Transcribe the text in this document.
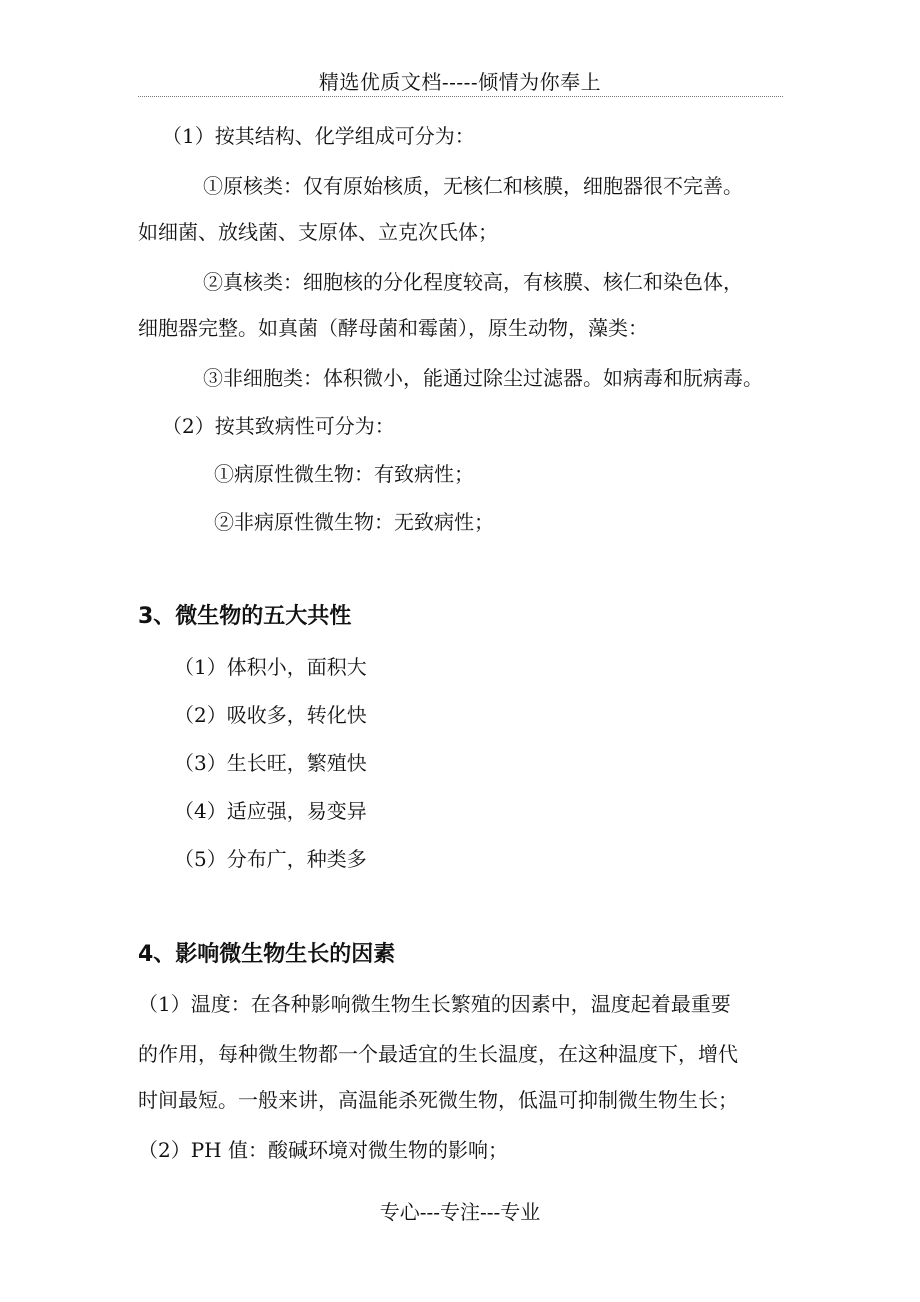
精选优质文档-----倾情为你奉上
（1）按其结构、化学组成可分为：
①原核类：仅有原始核质，无核仁和核膜，细胞器很不完善。
如细菌、放线菌、支原体、立克次氏体；
②真核类：细胞核的分化程度较高，有核膜、核仁和染色体，
细胞器完整。如真菌（酵母菌和霉菌），原生动物，藻类：
③非细胞类：体积微小，能通过除尘过滤器。如病毒和朊病毒。
（2）按其致病性可分为：
①病原性微生物：有致病性；
②非病原性微生物：无致病性；
3、微生物的五大共性
（1）体积小，面积大
（2）吸收多，转化快
（3）生长旺，繁殖快
（4）适应强，易变异
（5）分布广，种类多
4、影响微生物生长的因素
（1）温度：在各种影响微生物生长繁殖的因素中，温度起着最重要
的作用，每种微生物都一个最适宜的生长温度，在这种温度下，增代
时间最短。一般来讲，高温能杀死微生物，低温可抑制微生物生长；
（2）PH 值：酸碱环境对微生物的影响；
专心---专注---专业
